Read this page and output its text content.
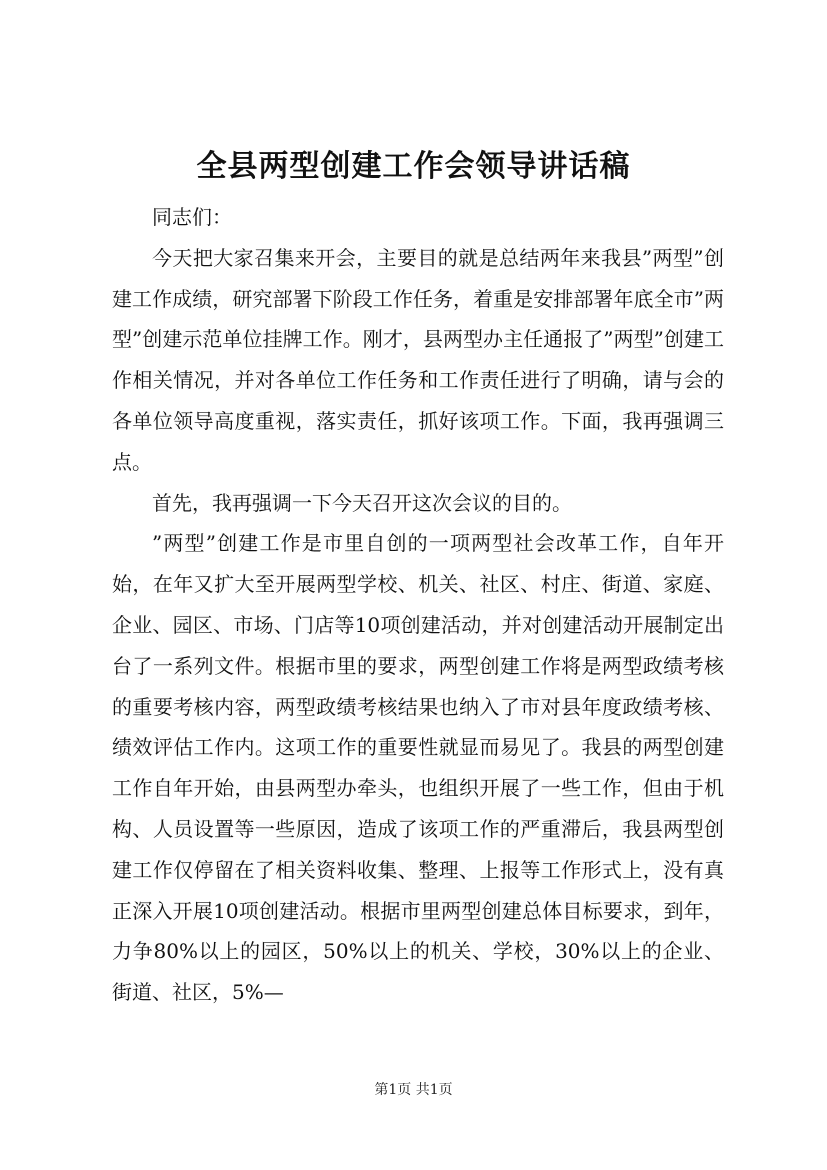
全县两型创建工作会领导讲话稿

同志们：

今天把大家召集来开会，主要目的就是总结两年来我县”两型”创建工作成绩，研究部署下阶段工作任务，着重是安排部署年底全市”两型”创建示范单位挂牌工作。刚才，县两型办主任通报了”两型”创建工作相关情况，并对各单位工作任务和工作责任进行了明确，请与会的各单位领导高度重视，落实责任，抓好该项工作。下面，我再强调三点。

首先，我再强调一下今天召开这次会议的目的。

”两型”创建工作是市里自创的一项两型社会改革工作，自年开始，在年又扩大至开展两型学校、机关、社区、村庄、街道、家庭、企业、园区、市场、门店等10项创建活动，并对创建活动开展制定出台了一系列文件。根据市里的要求，两型创建工作将是两型政绩考核的重要考核内容，两型政绩考核结果也纳入了市对县年度政绩考核、绩效评估工作内。这项工作的重要性就显而易见了。我县的两型创建工作自年开始，由县两型办牵头，也组织开展了一些工作，但由于机构、人员设置等一些原因，造成了该项工作的严重滞后，我县两型创建工作仅停留在了相关资料收集、整理、上报等工作形式上，没有真正深入开展10项创建活动。根据市里两型创建总体目标要求，到年，力争80%以上的园区，50%以上的机关、学校，30%以上的企业、街道、社区，5%—

第1页 共1页
